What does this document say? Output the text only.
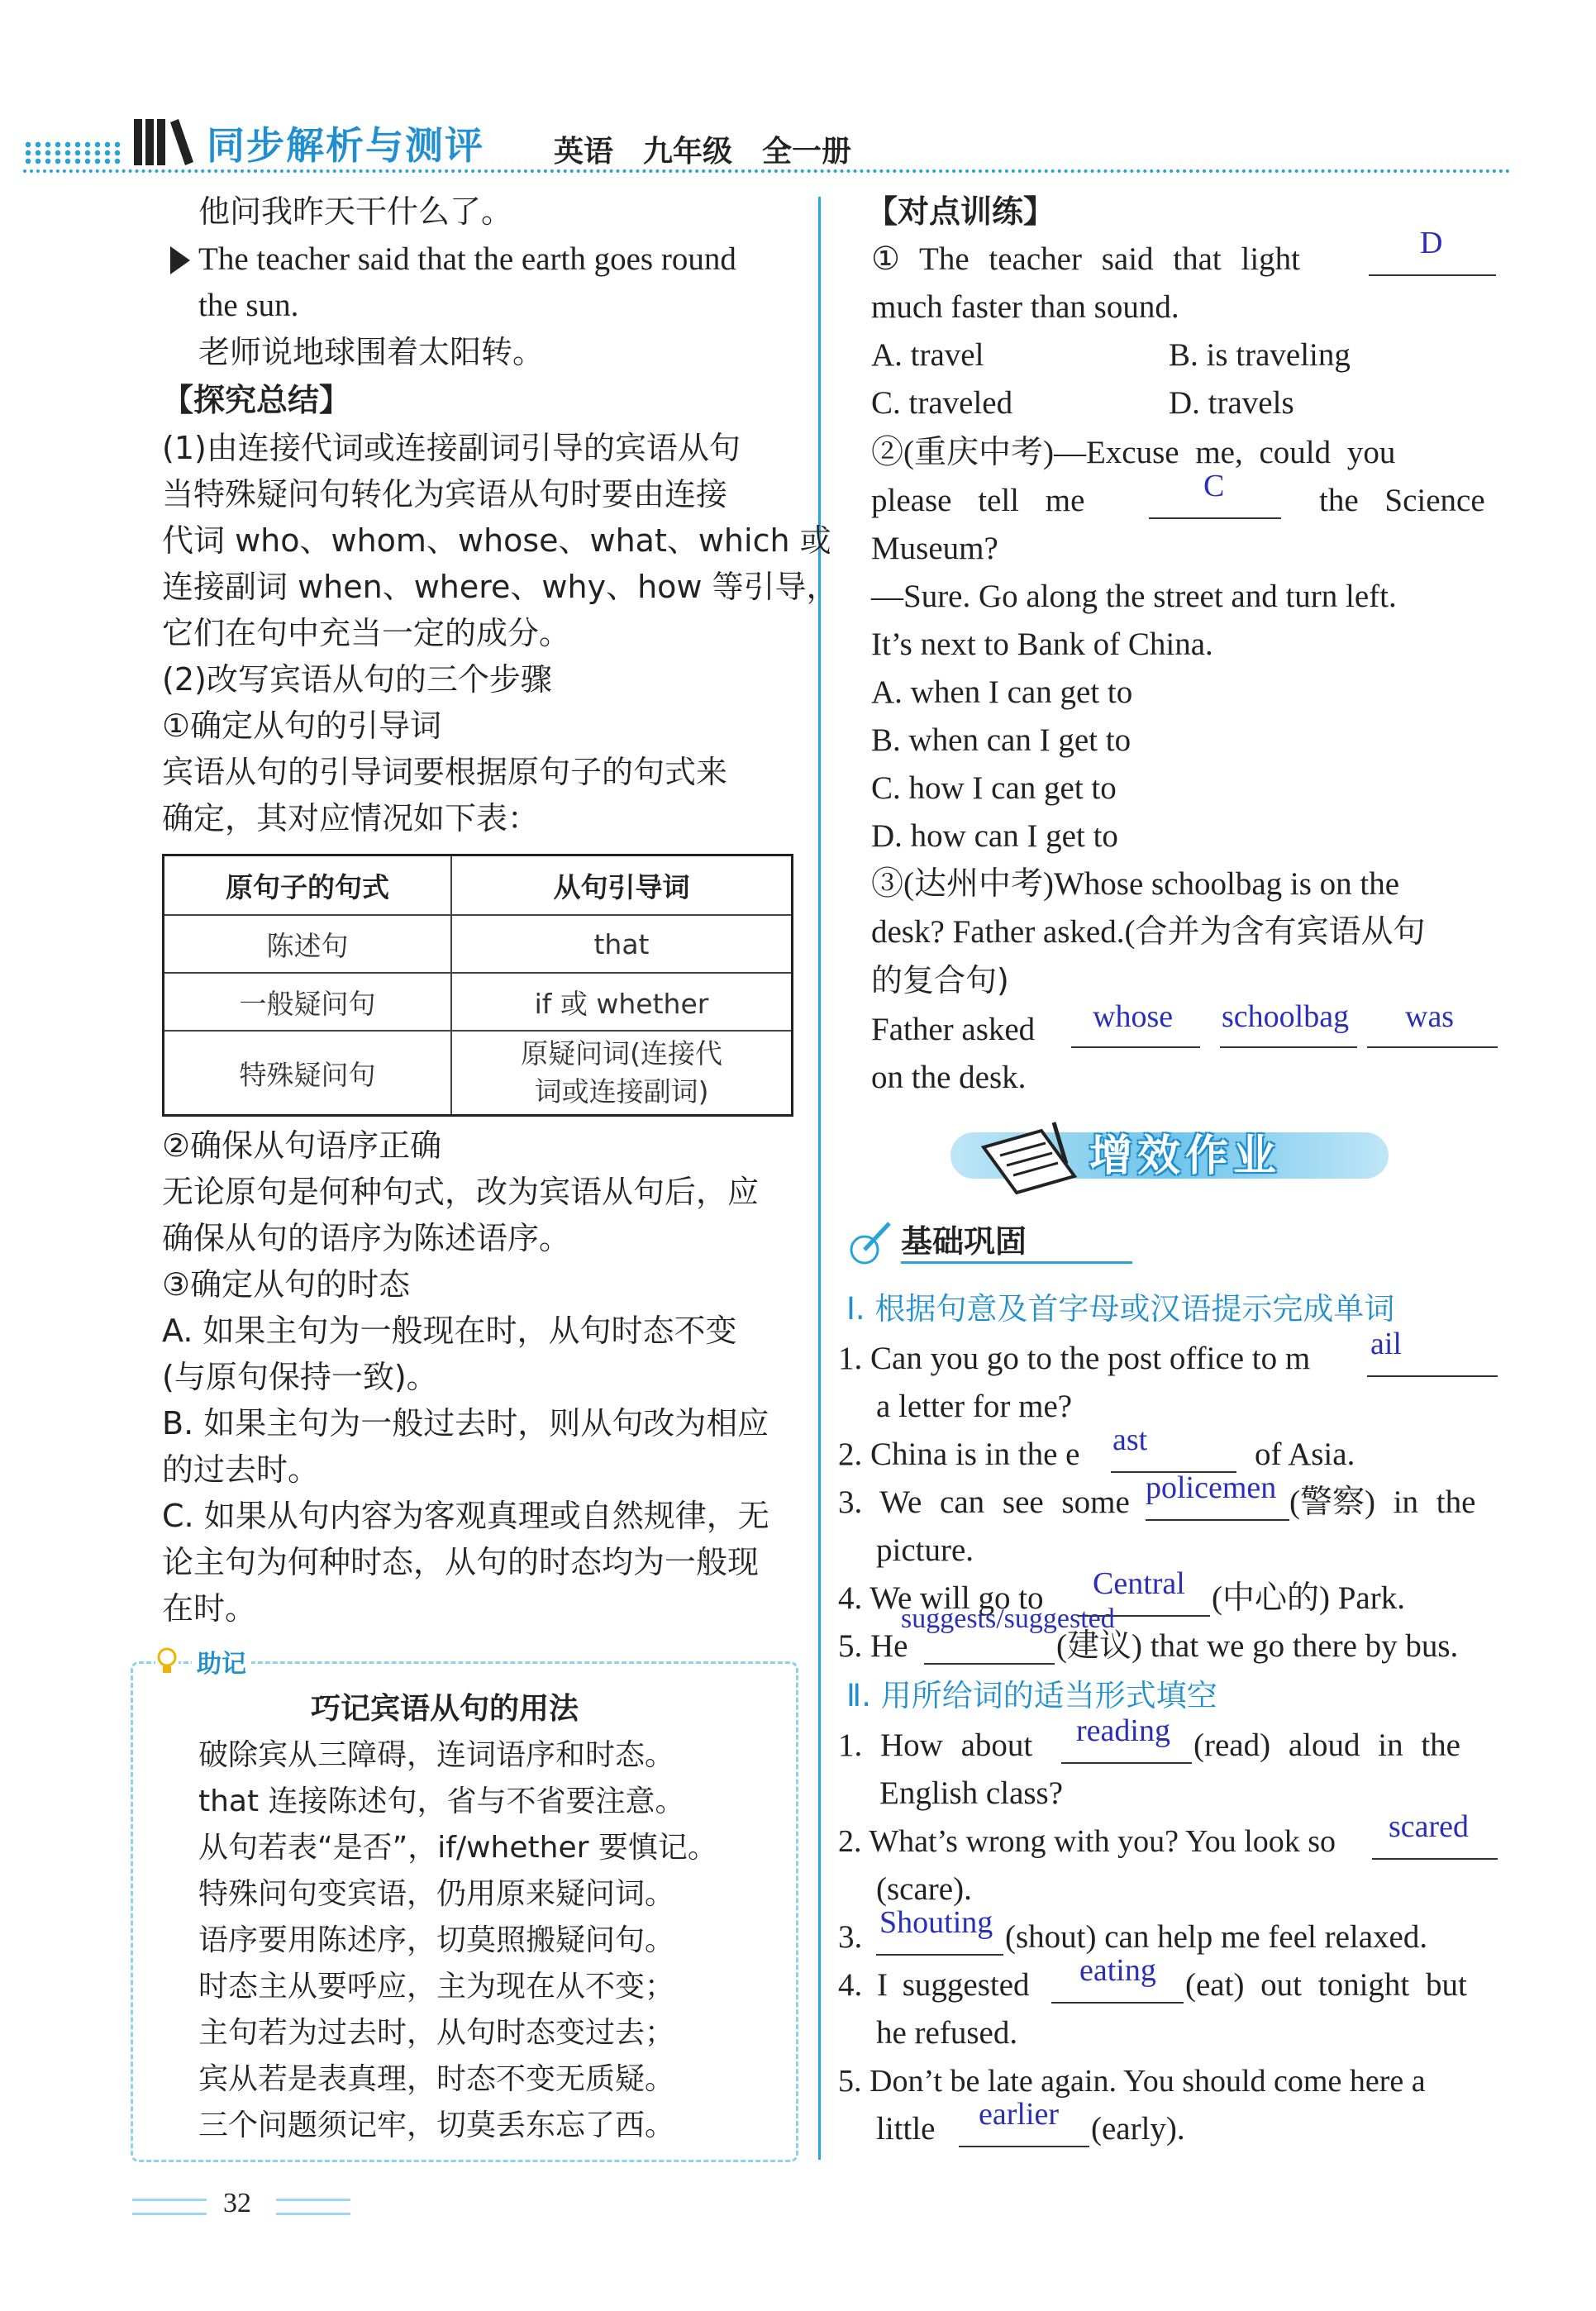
同步解析与测评 英语　九年级　全一册
他问我昨天干什么了。
The teacher said that the earth goes round
the sun.
老师说地球围着太阳转。
【探究总结】
(1)由连接代词或连接副词引导的宾语从句
当特殊疑问句转化为宾语从句时要由连接
代词 who、whom、whose、what、which 或
连接副词 when、where、why、how 等引导，
它们在句中充当一定的成分。
(2)改写宾语从句的三个步骤
①确定从句的引导词
宾语从句的引导词要根据原句子的句式来
确定，其对应情况如下表：
原句子的句式	从句引导词
陈述句	that
一般疑问句	if 或 whether
特殊疑问句	原疑问词(连接代
词或连接副词)
②确保从句语序正确
无论原句是何种句式，改为宾语从句后，应
确保从句的语序为陈述语序。
③确定从句的时态
A. 如果主句为一般现在时，从句时态不变
(与原句保持一致)。
B. 如果主句为一般过去时，则从句改为相应
的过去时。
C. 如果从句内容为客观真理或自然规律，无
论主句为何种时态，从句的时态均为一般现
在时。
助记
巧记宾语从句的用法
破除宾从三障碍，连词语序和时态。
that 连接陈述句，省与不省要注意。
从句若表“是否”，if/whether 要慎记。
特殊问句变宾语，仍用原来疑问词。
语序要用陈述序，切莫照搬疑问句。
时态主从要呼应，主为现在从不变；
主句若为过去时，从句时态变过去；
宾从若是表真理，时态不变无质疑。
三个问题须记牢，切莫丢东忘了西。
32
【对点训练】
① The teacher said that light	D
much faster than sound.
A. travel	B. is traveling
C. traveled	D. travels
②(重庆中考)—Excuse me, could you
please tell me	C	the Science
Museum?
—Sure. Go along the street and turn left.
It’s next to Bank of China.
A. when I can get to
B. when can I get to
C. how I can get to
D. how can I get to
③(达州中考)Whose schoolbag is on the
desk? Father asked.(合并为含有宾语从句
的复合句)
Father asked whose schoolbag was
on the desk.
增效作业
基础巩固
Ⅰ. 根据句意及首字母或汉语提示完成单词
1. Can you go to the post office to m ail
a letter for me?
2. China is in the e ast	of Asia.
3. We can see some policemen (警察) in the
picture.
4. We will go to Central (中心的) Park.
5. He
suggests/suggested
(建议) that we go there by bus.
Ⅱ. 用所给词的适当形式填空
1. How about reading (read) aloud in the
English class?
2. What’s wrong with you? You look so scared
(scare).
3. Shouting (shout) can help me feel relaxed.
4. I suggested eating (eat) out tonight but
he refused.
5. Don’t be late again. You should come here a
little earlier (early).
